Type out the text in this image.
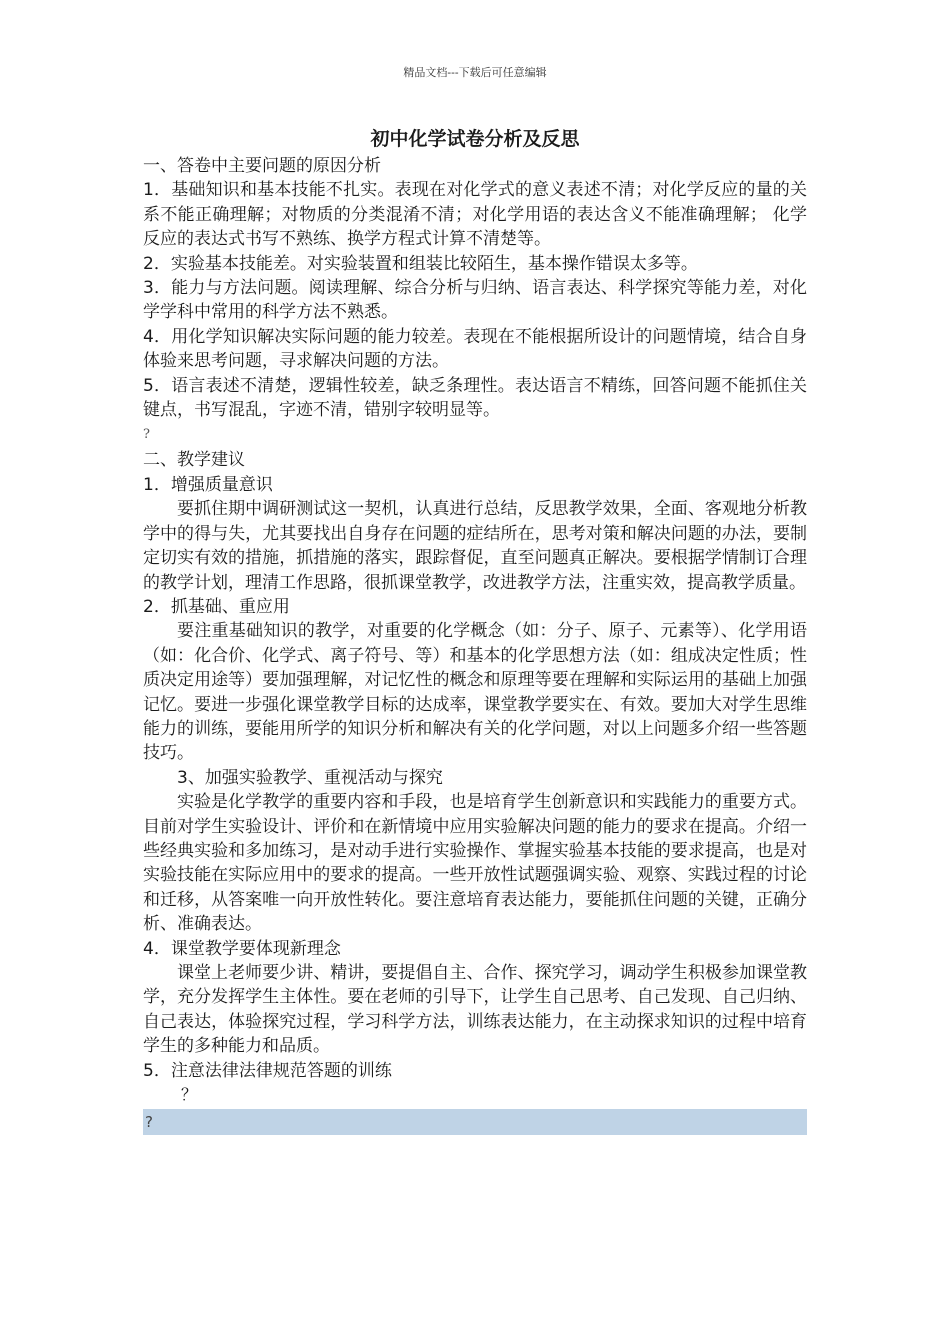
精品文档---下载后可任意编辑
初中化学试卷分析及反思
一、答卷中主要问题的原因分析
1．基础知识和基本技能不扎实。表现在对化学式的意义表述不清；对化学反应的量的关系不能正确理解；对物质的分类混淆不清；对化学用语的表达含义不能准确理解； 化学反应的表达式书写不熟练、换学方程式计算不清楚等。
2．实验基本技能差。对实验装置和组装比较陌生，基本操作错误太多等。
3．能力与方法问题。阅读理解、综合分析与归纳、语言表达、科学探究等能力差，对化学学科中常用的科学方法不熟悉。
4．用化学知识解决实际问题的能力较差。表现在不能根据所设计的问题情境，结合自身体验来思考问题，寻求解决问题的方法。
5．语言表述不清楚，逻辑性较差，缺乏条理性。表达语言不精练，回答问题不能抓住关键点，书写混乱，字迹不清，错别字较明显等。
?
二、教学建议
1．增强质量意识
要抓住期中调研测试这一契机，认真进行总结，反思教学效果，全面、客观地分析教学中的得与失，尤其要找出自身存在问题的症结所在，思考对策和解决问题的办法，要制定切实有效的措施，抓措施的落实，跟踪督促，直至问题真正解决。要根据学情制订合理的教学计划，理清工作思路，很抓课堂教学，改进教学方法，注重实效，提高教学质量。
2．抓基础、重应用
要注重基础知识的教学，对重要的化学概念（如：分子、原子、元素等）、化学用语（如：化合价、化学式、离子符号、等）和基本的化学思想方法（如：组成决定性质；性质决定用途等）要加强理解，对记忆性的概念和原理等要在理解和实际运用的基础上加强记忆。要进一步强化课堂教学目标的达成率，课堂教学要实在、有效。要加大对学生思维能力的训练，要能用所学的知识分析和解决有关的化学问题，对以上问题多介绍一些答题技巧。
3、加强实验教学、重视活动与探究
实验是化学教学的重要内容和手段，也是培育学生创新意识和实践能力的重要方式。目前对学生实验设计、评价和在新情境中应用实验解决问题的能力的要求在提高。介绍一些经典实验和多加练习，是对动手进行实验操作、掌握实验基本技能的要求提高，也是对实验技能在实际应用中的要求的提高。一些开放性试题强调实验、观察、实践过程的讨论和迁移，从答案唯一向开放性转化。要注意培育表达能力，要能抓住问题的关键，正确分析、准确表达。
4．课堂教学要体现新理念
课堂上老师要少讲、精讲，要提倡自主、合作、探究学习，调动学生积极参加课堂教学，充分发挥学生主体性。要在老师的引导下，让学生自己思考、自己发现、自己归纳、自己表达，体验探究过程，学习科学方法，训练表达能力，在主动探求知识的过程中培育学生的多种能力和品质。
5．注意法律法律规范答题的训练
？
?
